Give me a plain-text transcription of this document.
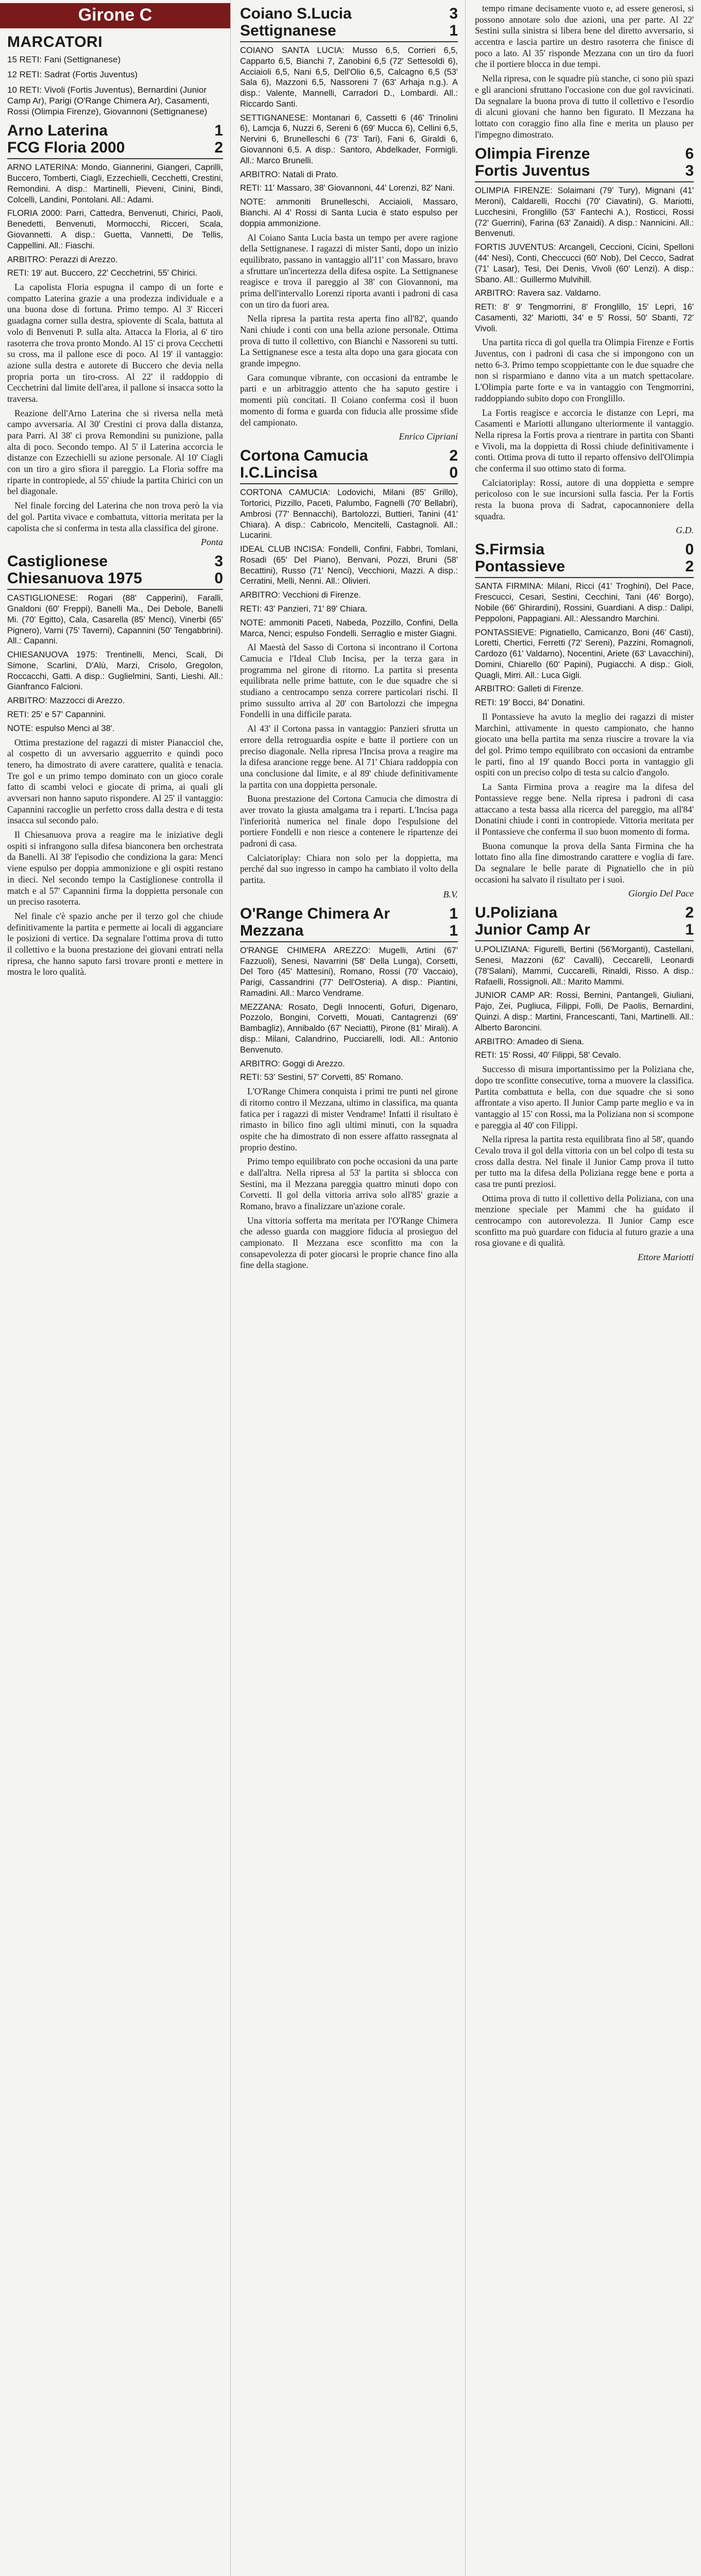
Girone C
MARCATORI

15 RETI: Fani (Settignanese)

12 RETI: Sadrat (Fortis Juventus)

10 RETI: Vivoli (Fortis Juventus), Bernardini (Junior Camp Ar), Parigi (O'Range Chimera Ar), Casamenti, Rossi (Olimpia Firenze), Giovannoni (Settignanese)

Arno Laterina	1
FCG Floria 2000	2

ARNO LATERINA: Mondo, Giannerini, Giangeri, Caprilli, Buccero, Tomberti, Ciagli, Ezzechielli, Cecchetti, Crestini, Remondini. A disp.: Martinelli, Pieveni, Cinini, Bindi, Colcelli, Landini, Pontolani. All.: Adami.

FLORIA 2000: Parri, Cattedra, Benvenuti, Chirici, Paoli, Benedetti, Benvenuti, Mormocchi, Ricceri, Scala, Giovannetti. A disp.: Guetta, Vannetti, De Tellis, Cappellini. All.: Fiaschi.

ARBITRO: Perazzi di Arezzo.

RETI: 19' aut. Buccero, 22' Cecchetrini, 55' Chirici.

La capolista Floria espugna il campo di un forte e compatto Laterina grazie a una prodezza individuale e a una buona dose di fortuna. Primo tempo. Al 3' Ricceri guadagna corner sulla destra, spiovente di Scala, battuta al volo di Benvenuti P. sulla alta. Attacca la Floria, al 6' tiro rasoterra che trova pronto Mondo. Al 15' ci prova Cecchetti su cross, ma il pallone esce di poco. Al 19' il vantaggio: azione sulla destra e autorete di Buccero che devia nella propria porta un tiro-cross. Al 22' il raddoppio di Cecchetrini dal limite dell'area, il pallone si insacca sotto la traversa.

Reazione dell'Arno Laterina che si riversa nella metà campo avversaria. Al 30' Crestini ci prova dalla distanza, para Parri. Al 38' ci prova Remondini su punizione, palla alta di poco. Secondo tempo. Al 5' il Laterina accorcia le distanze con Ezzechielli su azione personale. Al 10' Ciagli con un tiro a giro sfiora il pareggio. La Floria soffre ma riparte in contropiede, al 55' chiude la partita Chirici con un bel diagonale.

Nel finale forcing del Laterina che non trova però la via del gol. Partita vivace e combattuta, vittoria meritata per la capolista che si conferma in testa alla classifica del girone.

Ponta
Castiglionese	3
Chiesanuova 1975	0

CASTIGLIONESE: Rogari (88' Capperini), Faralli, Gnaldoni (60' Freppi), Banelli Ma., Dei Debole, Banelli Mi. (70' Egitto), Cala, Casarella (85' Menci), Vinerbi (65' Pignero), Varni (75' Taverni), Capannini (50' Tengabbrini). All.: Capanni.

CHIESANUOVA 1975: Trentinelli, Menci, Scali, Di Simone, Scarlini, D'Alù, Marzi, Crisolo, Gregolon, Roccacchi, Gatti. A disp.: Guglielmini, Santi, Lieshi. All.: Gianfranco Falcioni.

ARBITRO: Mazzocci di Arezzo.

RETI: 25' e 57' Capannini.

NOTE: espulso Menci al 38'.

Ottima prestazione del ragazzi di mister Pianacciol che, al cospetto di un avversario agguerrito e quindi poco tenero, ha dimostrato di avere carattere, qualità e tenacia. Tre gol e un primo tempo dominato con un gioco corale fatto di scambi veloci e giocate di prima, ai quali gli avversari non hanno saputo rispondere. Al 25' il vantaggio: Capannini raccoglie un perfetto cross dalla destra e di testa insacca sul secondo palo.

Il Chiesanuova prova a reagire ma le iniziative degli ospiti si infrangono sulla difesa bianconera ben orchestrata da Banelli. Al 38' l'episodio che condiziona la gara: Menci viene espulso per doppia ammonizione e gli ospiti restano in dieci. Nel secondo tempo la Castiglionese controlla il match e al 57' Capannini firma la doppietta personale con un preciso rasoterra.

Nel finale c'è spazio anche per il terzo gol che chiude definitivamente la partita e permette ai locali di agganciare le posizioni di vertice. Da segnalare l'ottima prova di tutto il collettivo e la buona prestazione dei giovani entrati nella ripresa, che hanno saputo farsi trovare pronti e mettere in mostra le loro qualità.

Coiano S.Lucia	3
Settignanese	1

COIANO SANTA LUCIA: Musso 6,5, Corrieri 6,5, Capparto 6,5, Bianchi 7, Zanobini 6,5 (72' Settesoldi 6), Acciaioli 6,5, Nani 6,5, Dell'Olio 6,5, Calcagno 6,5 (53' Sala 6), Mazzoni 6,5, Nassoreni 7 (63' Arhaja n.g.). A disp.: Valente, Mannelli, Carradori D., Lombardi. All.: Riccardo Santi.

SETTIGNANESE: Montanari 6, Cassetti 6 (46' Trinolini 6), Lamcja 6, Nuzzi 6, Sereni 6 (69' Mucca 6), Cellini 6,5, Nervini 6, Brunelleschi 6 (73' Tari), Fani 6, Giraldi 6, Giovannoni 6,5. A disp.: Santoro, Abdelkader, Formigli. All.: Marco Brunelli.

ARBITRO: Natali di Prato.

RETI: 11' Massaro, 38' Giovannoni, 44' Lorenzi, 82' Nani.

NOTE: ammoniti Brunelleschi, Acciaioli, Massaro, Bianchi. Al 4' Rossi di Santa Lucia è stato espulso per doppia ammonizione.

Al Coiano Santa Lucia basta un tempo per avere ragione della Settignanese. I ragazzi di mister Santi, dopo un inizio equilibrato, passano in vantaggio all'11' con Massaro, bravo a sfruttare un'incertezza della difesa ospite. La Settignanese reagisce e trova il pareggio al 38' con Giovannoni, ma prima dell'intervallo Lorenzi riporta avanti i padroni di casa con un tiro da fuori area.

Nella ripresa la partita resta aperta fino all'82', quando Nani chiude i conti con una bella azione personale. Ottima prova di tutto il collettivo, con Bianchi e Nassoreni su tutti. La Settignanese esce a testa alta dopo una gara giocata con grande impegno.

Gara comunque vibrante, con occasioni da entrambe le parti e un arbitraggio attento che ha saputo gestire i momenti più concitati. Il Coiano conferma così il buon momento di forma e guarda con fiducia alle prossime sfide del campionato.

Enrico Cipriani
Cortona Camucia	2
I.C.Lincisa	0

CORTONA CAMUCIA: Lodovichi, Milani (85' Grillo), Tortorici, Pizzillo, Paceti, Palumbo, Fagnelli (70' Bellabri), Ambrosi (77' Bennacchi), Bartolozzi, Buttieri, Tanini (41' Chiara). A disp.: Cabricolo, Mencitelli, Castagnoli. All.: Lucarini.

IDEAL CLUB INCISA: Fondelli, Confini, Fabbri, Tomlani, Rosadi (65' Del Piano), Benvani, Pozzi, Bruni (58' Becattini), Russo (71' Nenci), Vecchioni, Mazzi. A disp.: Cerratini, Melli, Nenni. All.: Olivieri.

ARBITRO: Vecchioni di Firenze.

RETI: 43' Panzieri, 71' 89' Chiara.

NOTE: ammoniti Paceti, Nabeda, Pozzillo, Confini, Della Marca, Nenci; espulso Fondelli. Serraglio e mister Giagni.

Al Maestà del Sasso di Cortona si incontrano il Cortona Camucia e l'Ideal Club Incisa, per la terza gara in programma nel girone di ritorno. La partita si presenta equilibrata nelle prime battute, con le due squadre che si studiano a centrocampo senza correre particolari rischi. Il primo sussulto arriva al 20' con Bartolozzi che impegna Fondelli in una difficile parata.

Al 43' il Cortona passa in vantaggio: Panzieri sfrutta un errore della retroguardia ospite e batte il portiere con un preciso diagonale. Nella ripresa l'Incisa prova a reagire ma la difesa arancione regge bene. Al 71' Chiara raddoppia con una conclusione dal limite, e al 89' chiude definitivamente la partita con una doppietta personale.

Buona prestazione del Cortona Camucia che dimostra di aver trovato la giusta amalgama tra i reparti. L'Incisa paga l'inferiorità numerica nel finale dopo l'espulsione del portiere Fondelli e non riesce a contenere le ripartenze dei padroni di casa.

Calciatoriplay: Chiara non solo per la doppietta, ma perché dal suo ingresso in campo ha cambiato il volto della partita.

B.V.
O'Range Chimera Ar	1
Mezzana	1

O'RANGE CHIMERA AREZZO: Mugelli, Artini (67' Fazzuoli), Senesi, Navarrini (58' Della Lunga), Corsetti, Del Toro (45' Mattesini), Romano, Rossi (70' Vaccaio), Parigi, Cassandrini (77' Dell'Osteria). A disp.: Piantini, Ramadini. All.: Marco Vendrame.

MEZZANA: Rosato, Degli Innocenti, Gofuri, Digenaro, Pozzolo, Bongini, Corvetti, Mouati, Cantagrenzi (69' Bambagliz), Annibaldo (67' Neciatti), Pirone (81' Mirali). A disp.: Milani, Calandrino, Pucciarelli, Iodi. All.: Antonio Benvenuto.

ARBITRO: Goggi di Arezzo.

RETI: 53' Sestini, 57' Corvetti, 85' Romano.

L'O'Range Chimera conquista i primi tre punti nel girone di ritorno contro il Mezzana, ultimo in classifica, ma quanta fatica per i ragazzi di mister Vendrame! Infatti il risultato è rimasto in bilico fino agli ultimi minuti, con la squadra ospite che ha dimostrato di non essere affatto rassegnata al proprio destino.

Primo tempo equilibrato con poche occasioni da una parte e dall'altra. Nella ripresa al 53' la partita si sblocca con Sestini, ma il Mezzana pareggia quattro minuti dopo con Corvetti. Il gol della vittoria arriva solo all'85' grazie a Romano, bravo a finalizzare un'azione corale.

Una vittoria sofferta ma meritata per l'O'Range Chimera che adesso guarda con maggiore fiducia al prosieguo del campionato. Il Mezzana esce sconfitto ma con la consapevolezza di poter giocarsi le proprie chance fino alla fine della stagione.

tempo rimane decisamente vuoto e, ad essere generosi, si possono annotare solo due azioni, una per parte. Al 22' Sestini sulla sinistra si libera bene del diretto avversario, si accentra e lascia partire un destro rasoterra che finisce di poco a lato. Al 35' risponde Mezzana con un tiro da fuori che il portiere blocca in due tempi.

Nella ripresa, con le squadre più stanche, ci sono più spazi e gli arancioni sfruttano l'occasione con due gol ravvicinati. Da segnalare la buona prova di tutto il collettivo e l'esordio di alcuni giovani che hanno ben figurato. Il Mezzana ha lottato con coraggio fino alla fine e merita un plauso per l'impegno dimostrato.

Olimpia Firenze	6
Fortis Juventus	3

OLIMPIA FIRENZE: Solaimani (79' Tury), Mignani (41' Meroni), Caldarelli, Rocchi (70' Ciavatini), G. Mariotti, Lucchesini, Fronglillo (53' Fantechi A.), Rosticci, Rossi (72' Guerrini), Farina (63' Zanaidi). A disp.: Nannicini. All.: Benvenuti.

FORTIS JUVENTUS: Arcangeli, Ceccioni, Cicini, Spelloni (44' Nesi), Conti, Checcucci (60' Nob), Del Cecco, Sadrat (71' Lasar), Tesi, Dei Denis, Vivoli (60' Lenzi). A disp.: Sbano. All.: Guillermo Mulvihill.

ARBITRO: Ravera saz. Valdarno.

RETI: 8' 9' Tengmorrini, 8' Fronglillo, 15' Lepri, 16' Casamenti, 32' Mariotti, 34' e 5' Rossi, 50' Sbanti, 72' Vivoli.

Una partita ricca di gol quella tra Olimpia Firenze e Fortis Juventus, con i padroni di casa che si impongono con un netto 6-3. Primo tempo scoppiettante con le due squadre che non si risparmiano e danno vita a un match spettacolare. L'Olimpia parte forte e va in vantaggio con Tengmorrini, raddoppiando subito dopo con Fronglillo.

La Fortis reagisce e accorcia le distanze con Lepri, ma Casamenti e Mariotti allungano ulteriormente il vantaggio. Nella ripresa la Fortis prova a rientrare in partita con Sbanti e Vivoli, ma la doppietta di Rossi chiude definitivamente i conti. Ottima prova di tutto il reparto offensivo dell'Olimpia che conferma il suo ottimo stato di forma.

Calciatoriplay: Rossi, autore di una doppietta e sempre pericoloso con le sue incursioni sulla fascia. Per la Fortis resta la buona prova di Sadrat, capocannoniere della squadra.

G.D.
S.Firmsia	0
Pontassieve	2

SANTA FIRMINA: Milani, Ricci (41' Troghini), Del Pace, Frescucci, Cesari, Sestini, Cecchini, Tani (46' Borgo), Nobile (66' Ghirardini), Rossini, Guardiani. A disp.: Dalipi, Peppoloni, Pappagiani. All.: Alessandro Marchini.

PONTASSIEVE: Pignatiello, Camicanzo, Boni (46' Casti), Loretti, Chertici, Ferretti (72' Sereni), Pazzini, Romagnoli, Cardozo (61' Valdarno), Nocentini, Ariete (63' Lavacchini), Domini, Chiarello (60' Papini), Pugiacchi. A disp.: Gioli, Quagli, Mirri. All.: Luca Gigli.

ARBITRO: Galleti di Firenze.

RETI: 19' Bocci, 84' Donatini.

Il Pontassieve ha avuto la meglio dei ragazzi di mister Marchini, attivamente in questo campionato, che hanno giocato una bella partita ma senza riuscire a trovare la via del gol. Primo tempo equilibrato con occasioni da entrambe le parti, fino al 19' quando Bocci porta in vantaggio gli ospiti con un preciso colpo di testa su calcio d'angolo.

La Santa Firmina prova a reagire ma la difesa del Pontassieve regge bene. Nella ripresa i padroni di casa attaccano a testa bassa alla ricerca del pareggio, ma all'84' Donatini chiude i conti in contropiede. Vittoria meritata per il Pontassieve che conferma il suo buon momento di forma.

Buona comunque la prova della Santa Firmina che ha lottato fino alla fine dimostrando carattere e voglia di fare. Da segnalare le belle parate di Pignatiello che in più occasioni ha salvato il risultato per i suoi.

Giorgio Del Pace
U.Poliziana	2
Junior Camp Ar	1

U.POLIZIANA: Figurelli, Bertini (56'Morganti), Castellani, Senesi, Mazzoni (62' Cavalli), Ceccarelli, Leonardi (78'Salani), Mammi, Cuccarelli, Rinaldi, Risso. A disp.: Rafaelli, Rossignoli. All.: Marito Mammi.

JUNIOR CAMP AR: Rossi, Bernini, Pantangeli, Giuliani, Pajo, Zei, Pugliuca, Filippi, Folli, De Paolis, Bernardini, Quinzi. A disp.: Martini, Francescanti, Tani, Martinelli. All.: Alberto Baroncini.

ARBITRO: Amadeo di Siena.

RETI: 15' Rossi, 40' Filippi, 58' Cevalo.

Successo di misura importantissimo per la Poliziana che, dopo tre sconfitte consecutive, torna a muovere la classifica. Partita combattuta e bella, con due squadre che si sono affrontate a viso aperto. Il Junior Camp parte meglio e va in vantaggio al 15' con Rossi, ma la Poliziana non si scompone e pareggia al 40' con Filippi.

Nella ripresa la partita resta equilibrata fino al 58', quando Cevalo trova il gol della vittoria con un bel colpo di testa su cross dalla destra. Nel finale il Junior Camp prova il tutto per tutto ma la difesa della Poliziana regge bene e porta a casa tre punti preziosi.

Ottima prova di tutto il collettivo della Poliziana, con una menzione speciale per Mammi che ha guidato il centrocampo con autorevolezza. Il Junior Camp esce sconfitto ma può guardare con fiducia al futuro grazie a una rosa giovane e di qualità.

Ettore Mariotti
